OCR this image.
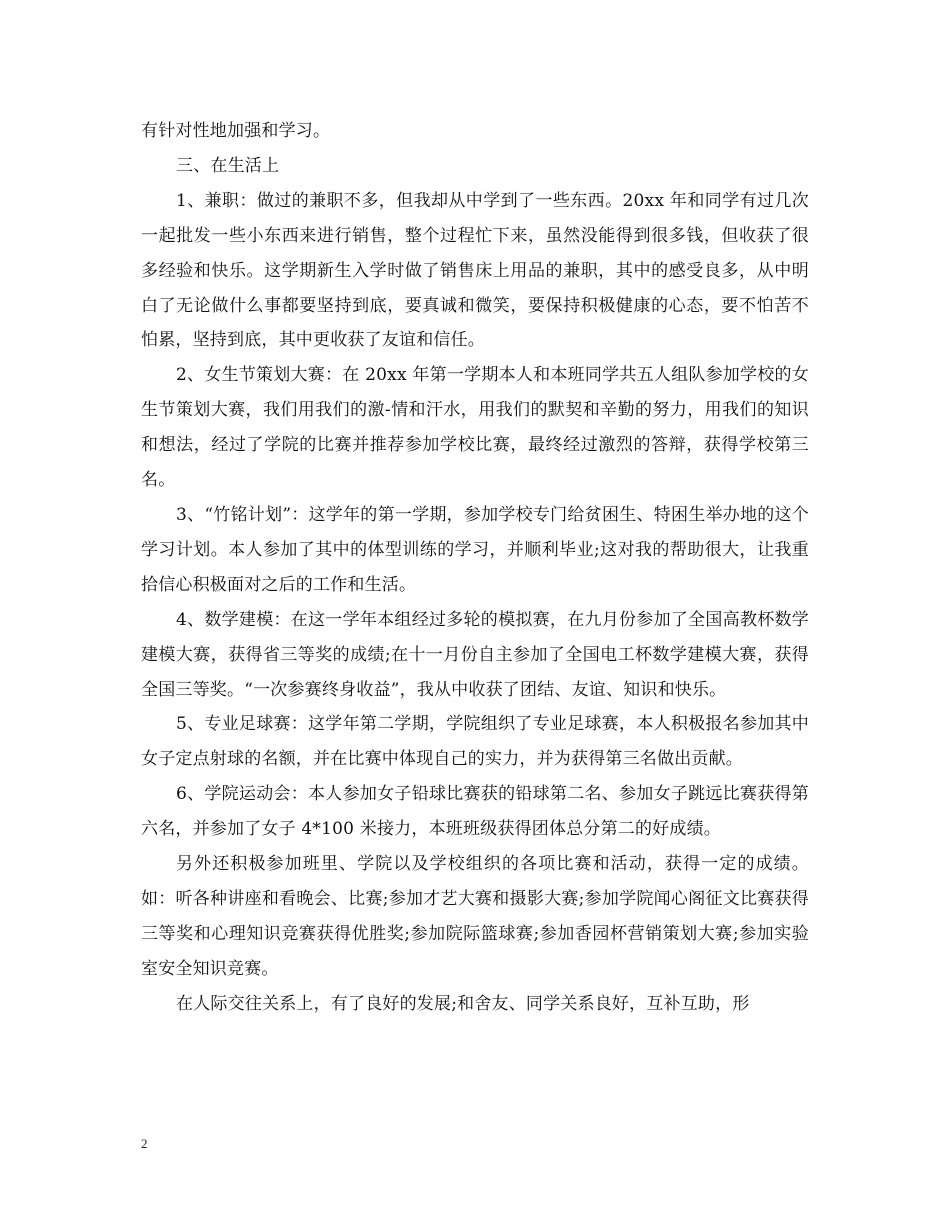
有针对性地加强和学习。

三、在生活上

1、兼职：做过的兼职不多，但我却从中学到了一些东西。20xx 年和同学有过几次一起批发一些小东西来进行销售，整个过程忙下来，虽然没能得到很多钱，但收获了很多经验和快乐。这学期新生入学时做了销售床上用品的兼职，其中的感受良多，从中明白了无论做什么事都要坚持到底，要真诚和微笑，要保持积极健康的心态，要不怕苦不怕累，坚持到底，其中更收获了友谊和信任。

2、女生节策划大赛：在 20xx 年第一学期本人和本班同学共五人组队参加学校的女生节策划大赛，我们用我们的激-情和汗水，用我们的默契和辛勤的努力，用我们的知识和想法，经过了学院的比赛并推荐参加学校比赛，最终经过激烈的答辩，获得学校第三名。

3、“竹铭计划”：这学年的第一学期，参加学校专门给贫困生、特困生举办地的这个学习计划。本人参加了其中的体型训练的学习，并顺利毕业;这对我的帮助很大，让我重拾信心积极面对之后的工作和生活。

4、数学建模：在这一学年本组经过多轮的模拟赛，在九月份参加了全国高教杯数学建模大赛，获得省三等奖的成绩;在十一月份自主参加了全国电工杯数学建模大赛，获得全国三等奖。“一次参赛终身收益”，我从中收获了团结、友谊、知识和快乐。

5、专业足球赛：这学年第二学期，学院组织了专业足球赛，本人积极报名参加其中女子定点射球的名额，并在比赛中体现自己的实力，并为获得第三名做出贡献。

6、学院运动会：本人参加女子铅球比赛获的铅球第二名、参加女子跳远比赛获得第六名，并参加了女子 4*100 米接力，本班班级获得团体总分第二的好成绩。

另外还积极参加班里、学院以及学校组织的各项比赛和活动，获得一定的成绩。如：听各种讲座和看晚会、比赛;参加才艺大赛和摄影大赛;参加学院闻心阁征文比赛获得三等奖和心理知识竞赛获得优胜奖;参加院际篮球赛;参加香园杯营销策划大赛;参加实验室安全知识竞赛。

在人际交往关系上，有了良好的发展;和舍友、同学关系良好，互补互助，形

2
